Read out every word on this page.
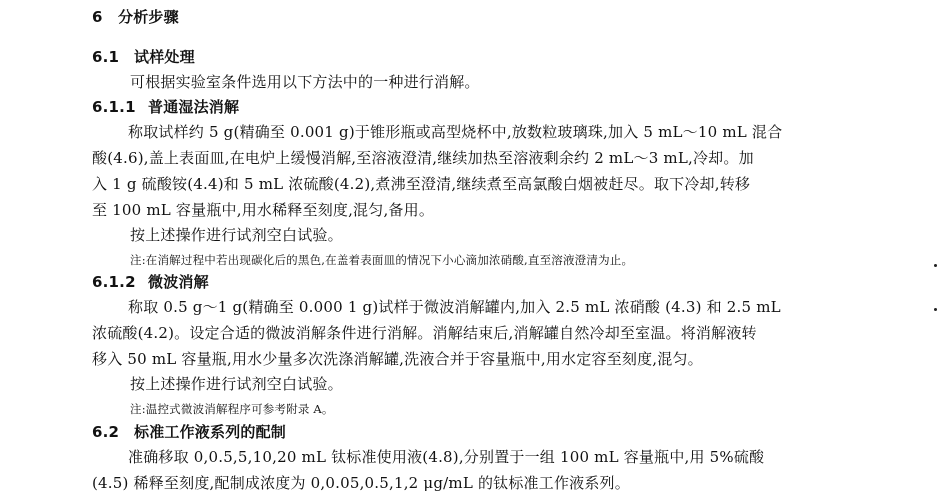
6 分析步骤
6.1 试样处理
可根据实验室条件选用以下方法中的一种进行消解。
6.1.1 普通湿法消解
称取试样约 5 g(精确至 0.001 g)于锥形瓶或高型烧杯中,放数粒玻璃珠,加入 5 mL～10 mL 混合
酸(4.6),盖上表面皿,在电炉上缓慢消解,至溶液澄清,继续加热至溶液剩余约 2 mL～3 mL,冷却。加
入 1 g 硫酸铵(4.4)和 5 mL 浓硫酸(4.2),煮沸至澄清,继续煮至高氯酸白烟被赶尽。取下冷却,转移
至 100 mL 容量瓶中,用水稀释至刻度,混匀,备用。
按上述操作进行试剂空白试验。
注:在消解过程中若出现碳化后的黑色,在盖着表面皿的情况下小心滴加浓硝酸,直至溶液澄清为止。
6.1.2 微波消解
称取 0.5 g～1 g(精确至 0.000 1 g)试样于微波消解罐内,加入 2.5 mL 浓硝酸 (4.3) 和 2.5 mL
浓硫酸(4.2)。设定合适的微波消解条件进行消解。消解结束后,消解罐自然冷却至室温。将消解液转
移入 50 mL 容量瓶,用水少量多次洗涤消解罐,洗液合并于容量瓶中,用水定容至刻度,混匀。
按上述操作进行试剂空白试验。
注:温控式微波消解程序可参考附录 A。
6.2 标准工作液系列的配制
准确移取 0,0.5,5,10,20 mL 钛标准使用液(4.8),分别置于一组 100 mL 容量瓶中,用 5%硫酸
(4.5) 稀释至刻度,配制成浓度为 0,0.05,0.5,1,2 μg/mL 的钛标准工作液系列。
